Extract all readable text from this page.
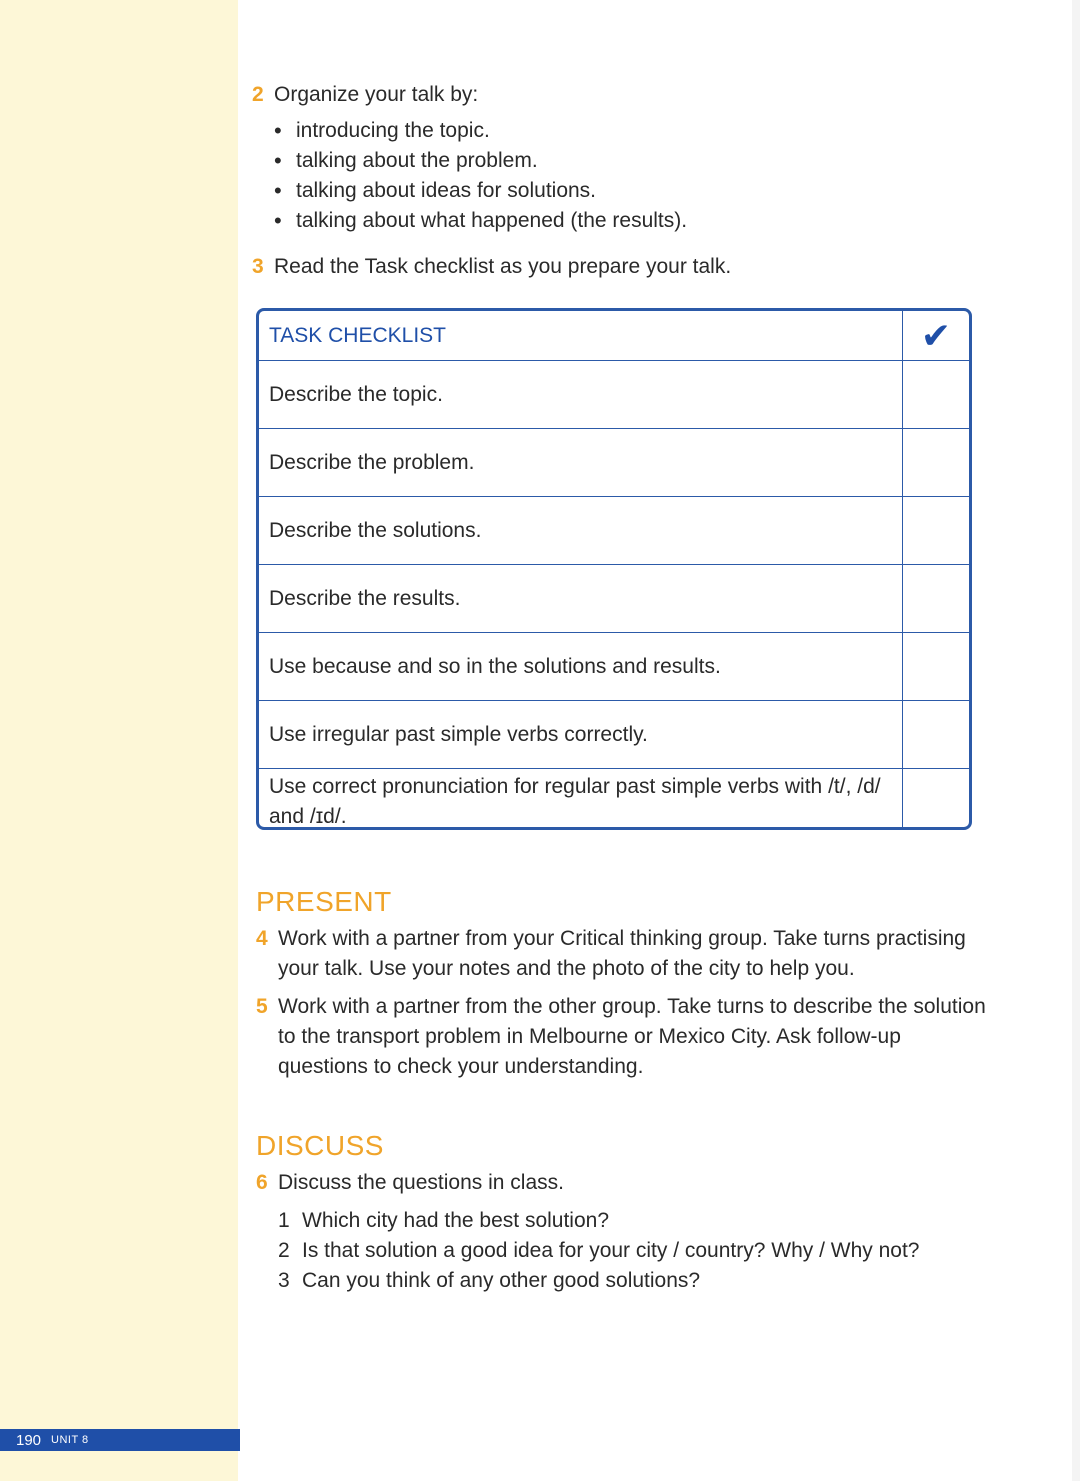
2 Organize your talk by:
• introducing the topic.
• talking about the problem.
• talking about ideas for solutions.
• talking about what happened (the results).
3 Read the Task checklist as you prepare your talk.
TASK CHECKLIST	✔
Describe the topic.
Describe the problem.
Describe the solutions.
Describe the results.
Use because and so in the solutions and results.
Use irregular past simple verbs correctly.
Use correct pronunciation for regular past simple verbs with /t/, /d/ and /ɪd/.
PRESENT
4 Work with a partner from your Critical thinking group. Take turns practising your talk. Use your notes and the photo of the city to help you.
5 Work with a partner from the other group. Take turns to describe the solution to the transport problem in Melbourne or Mexico City. Ask follow-up questions to check your understanding.
DISCUSS
6 Discuss the questions in class.
1 Which city had the best solution?
2 Is that solution a good idea for your city / country? Why / Why not?
3 Can you think of any other good solutions?
190 UNIT 8
